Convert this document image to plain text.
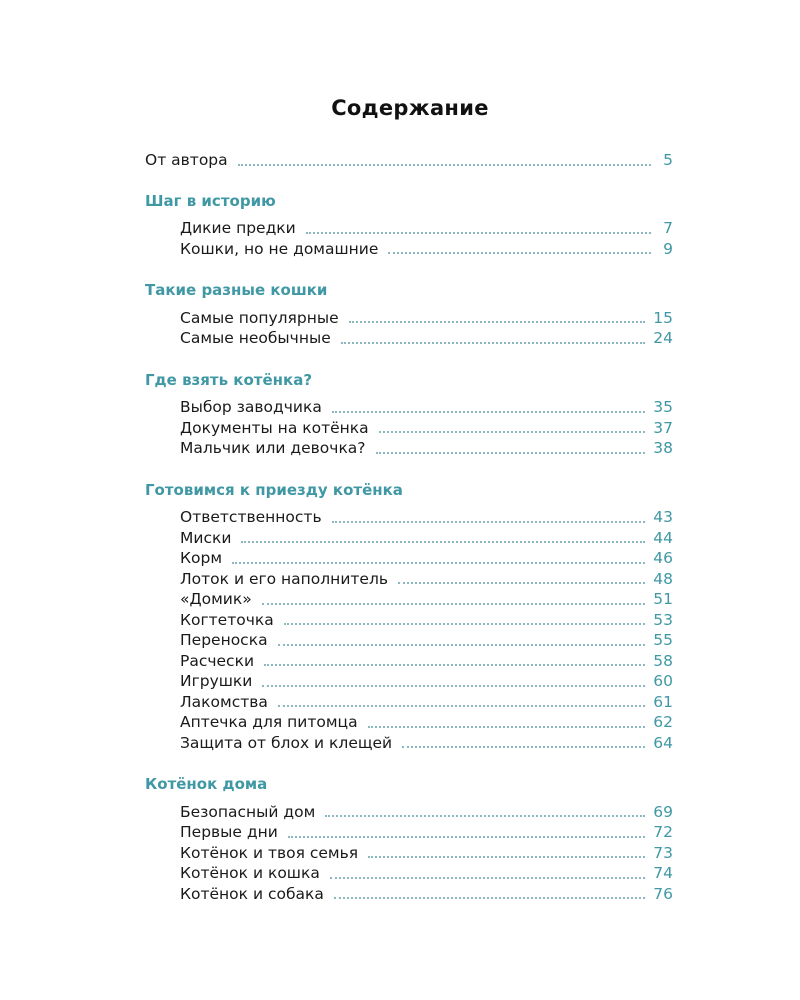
Содержание
От автора	5
Шаг в историю
Дикие предки	7
Кошки, но не домашние	9
Такие разные кошки
Самые популярные	15
Самые необычные	24
Где взять котёнка?
Выбор заводчика	35
Документы на котёнка	37
Мальчик или девочка?	38
Готовимся к приезду котёнка
Ответственность	43
Миски	44
Корм	46
Лоток и его наполнитель	48
«Домик»	51
Когтеточка	53
Переноска	55
Расчески	58
Игрушки	60
Лакомства	61
Аптечка для питомца	62
Защита от блох и клещей	64
Котёнок дома
Безопасный дом	69
Первые дни	72
Котёнок и твоя семья	73
Котёнок и кошка	74
Котёнок и собака	76
